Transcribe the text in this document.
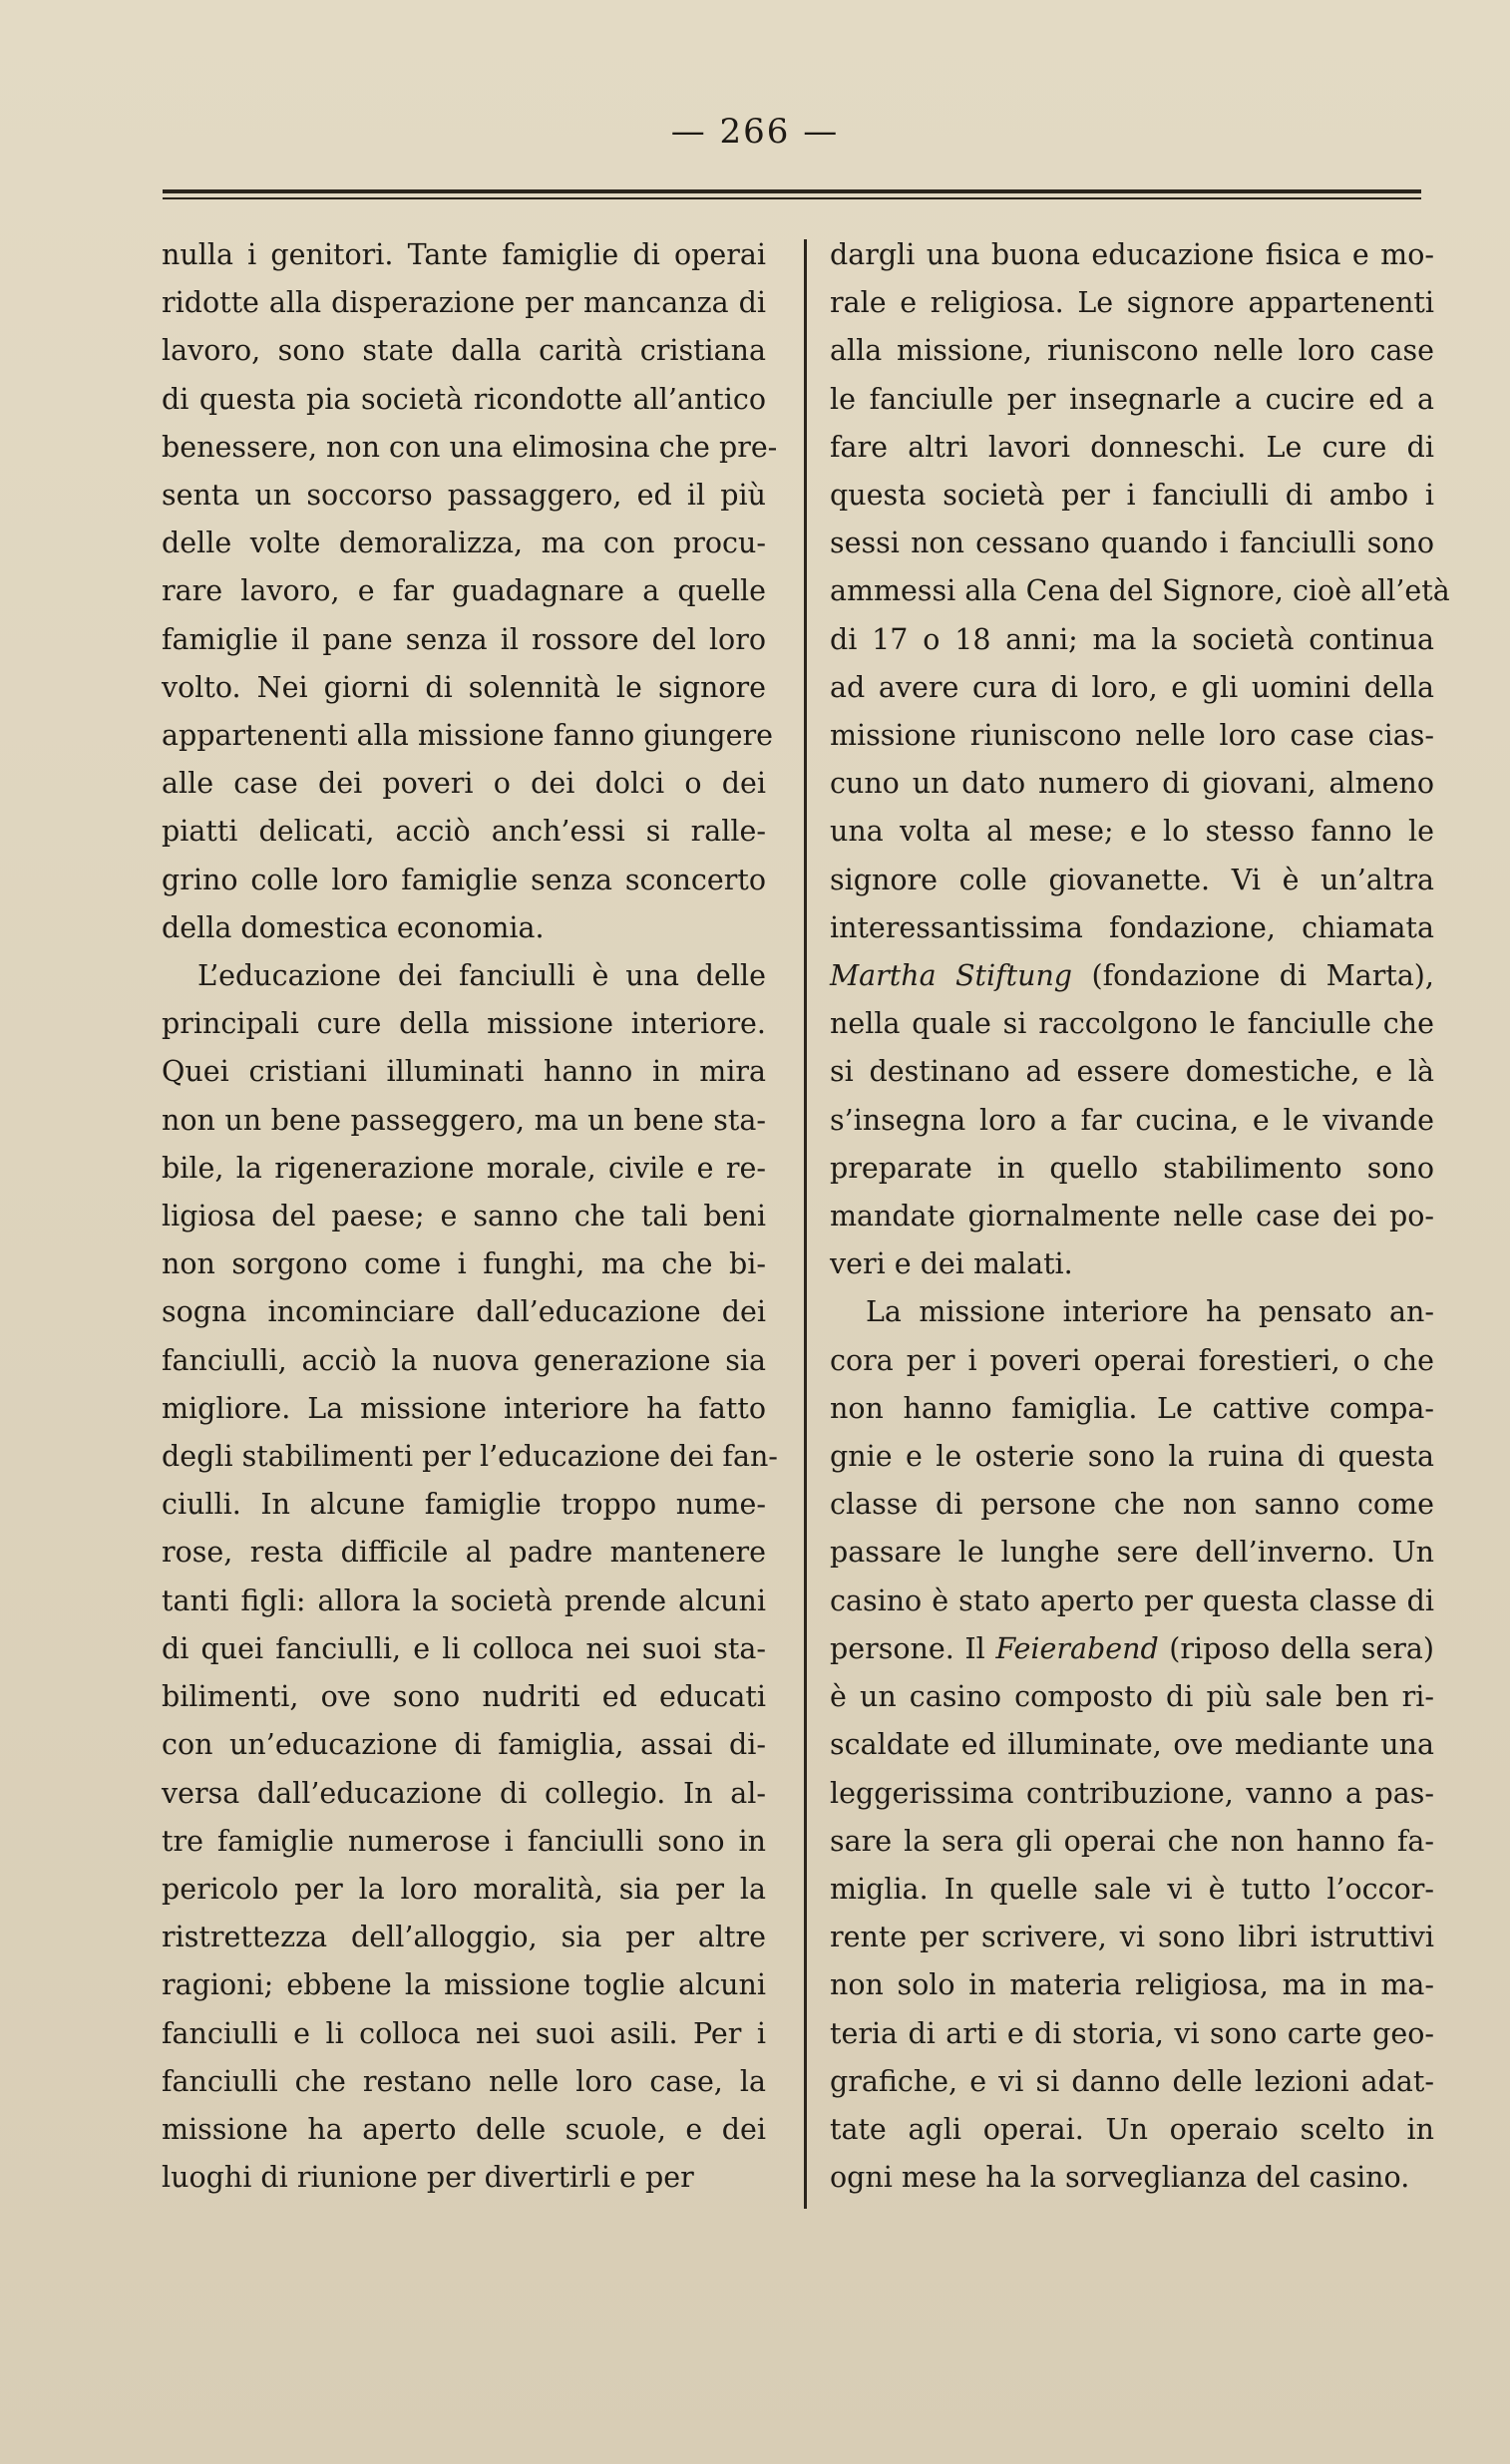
— 266 —

nulla i genitori. Tante famiglie di operai
ridotte alla disperazione per mancanza di
lavoro, sono state dalla carità cristiana
di questa pia società ricondotte all’antico
benessere, non con una elimosina che pre-
senta un soccorso passaggero, ed il più
delle volte demoralizza, ma con procu-
rare lavoro, e far guadagnare a quelle
famiglie il pane senza il rossore del loro
volto. Nei giorni di solennità le signore
appartenenti alla missione fanno giungere
alle case dei poveri o dei dolci o dei
piatti delicati, acciò anch’essi si ralle-
grino colle loro famiglie senza sconcerto
della domestica economia.

L’educazione dei fanciulli è una delle
principali cure della missione interiore.
Quei cristiani illuminati hanno in mira
non un bene passeggero, ma un bene sta-
bile, la rigenerazione morale, civile e re-
ligiosa del paese; e sanno che tali beni
non sorgono come i funghi, ma che bi-
sogna incominciare dall’educazione dei
fanciulli, acciò la nuova generazione sia
migliore. La missione interiore ha fatto
degli stabilimenti per l’educazione dei fan-
ciulli. In alcune famiglie troppo nume-
rose, resta difficile al padre mantenere
tanti figli: allora la società prende alcuni
di quei fanciulli, e li colloca nei suoi sta-
bilimenti, ove sono nudriti ed educati
con un’educazione di famiglia, assai di-
versa dall’educazione di collegio. In al-
tre famiglie numerose i fanciulli sono in
pericolo per la loro moralità, sia per la
ristrettezza dell’alloggio, sia per altre
ragioni; ebbene la missione toglie alcuni
fanciulli e li colloca nei suoi asili. Per i
fanciulli che restano nelle loro case, la
missione ha aperto delle scuole, e dei
luoghi di riunione per divertirli e per

dargli una buona educazione fisica e mo-
rale e religiosa. Le signore appartenenti
alla missione, riuniscono nelle loro case
le fanciulle per insegnarle a cucire ed a
fare altri lavori donneschi. Le cure di
questa società per i fanciulli di ambo i
sessi non cessano quando i fanciulli sono
ammessi alla Cena del Signore, cioè all’età
di 17 o 18 anni; ma la società continua
ad avere cura di loro, e gli uomini della
missione riuniscono nelle loro case cias-
cuno un dato numero di giovani, almeno
una volta al mese; e lo stesso fanno le
signore colle giovanette. Vi è un’altra
interessantissima fondazione, chiamata
Martha Stiftung (fondazione di Marta),
nella quale si raccolgono le fanciulle che
si destinano ad essere domestiche, e là
s’insegna loro a far cucina, e le vivande
preparate in quello stabilimento sono
mandate giornalmente nelle case dei po-
veri e dei malati.

La missione interiore ha pensato an-
cora per i poveri operai forestieri, o che
non hanno famiglia. Le cattive compa-
gnie e le osterie sono la ruina di questa
classe di persone che non sanno come
passare le lunghe sere dell’inverno. Un
casino è stato aperto per questa classe di
persone. Il Feierabend (riposo della sera)
è un casino composto di più sale ben ri-
scaldate ed illuminate, ove mediante una
leggerissima contribuzione, vanno a pas-
sare la sera gli operai che non hanno fa-
miglia. In quelle sale vi è tutto l’occor-
rente per scrivere, vi sono libri istruttivi
non solo in materia religiosa, ma in ma-
teria di arti e di storia, vi sono carte geo-
grafiche, e vi si danno delle lezioni adat-
tate agli operai. Un operaio scelto in
ogni mese ha la sorveglianza del casino.
